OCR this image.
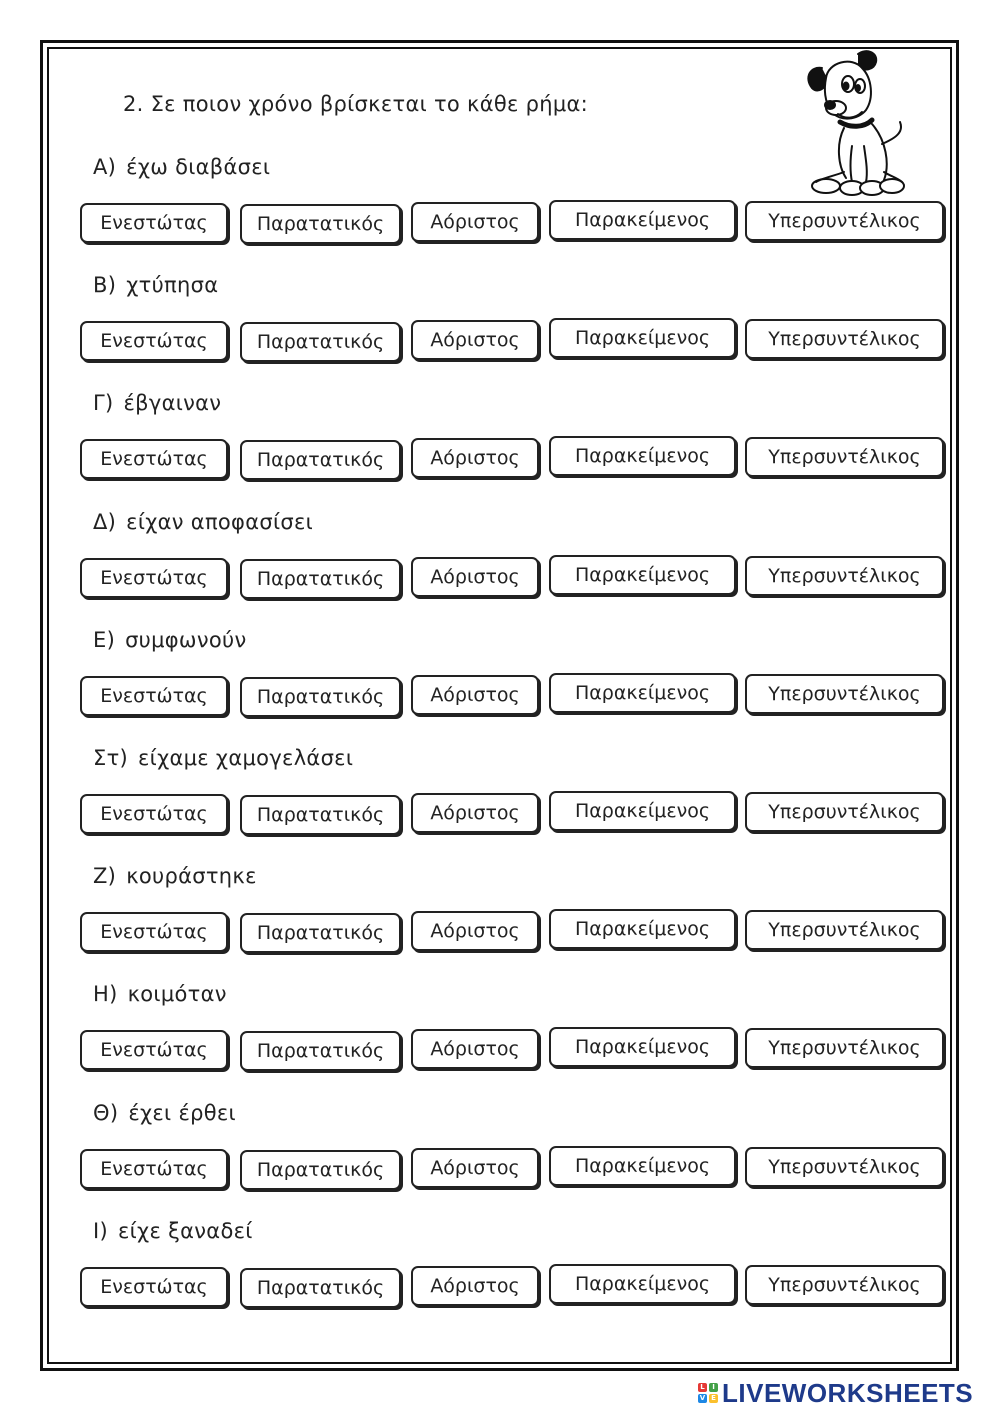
2. Σε ποιον χρόνο βρίσκεται το κάθε ρήμα:
Α) έχω διαβάσει
Ενεστώτας	Παρατατικός	Αόριστος	Παρακείμενος	Υπερσυντέλικος
Β) χτύπησα
Ενεστώτας	Παρατατικός	Αόριστος	Παρακείμενος	Υπερσυντέλικος
Γ) έβγαιναν
Ενεστώτας	Παρατατικός	Αόριστος	Παρακείμενος	Υπερσυντέλικος
Δ) είχαν αποφασίσει
Ενεστώτας	Παρατατικός	Αόριστος	Παρακείμενος	Υπερσυντέλικος
Ε) συμφωνούν
Ενεστώτας	Παρατατικός	Αόριστος	Παρακείμενος	Υπερσυντέλικος
Στ) είχαμε χαμογελάσει
Ενεστώτας	Παρατατικός	Αόριστος	Παρακείμενος	Υπερσυντέλικος
Ζ) κουράστηκε
Ενεστώτας	Παρατατικός	Αόριστος	Παρακείμενος	Υπερσυντέλικος
Η) κοιμόταν
Ενεστώτας	Παρατατικός	Αόριστος	Παρακείμενος	Υπερσυντέλικος
Θ) έχει έρθει
Ενεστώτας	Παρατατικός	Αόριστος	Παρακείμενος	Υπερσυντέλικος
Ι) είχε ξαναδεί
Ενεστώτας	Παρατατικός	Αόριστος	Παρακείμενος	Υπερσυντέλικος
L	I
V E LIVEWORKSHEETS
